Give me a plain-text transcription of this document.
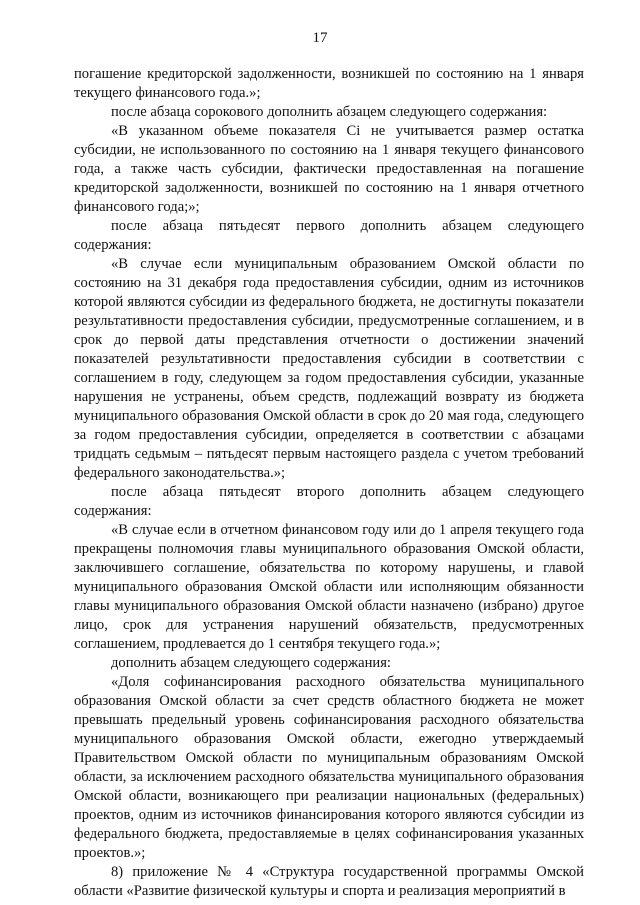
17

погашение кредиторской задолженности, возникшей по состоянию на 1 января текущего финансового года.»;

после абзаца сорокового дополнить абзацем следующего содержания:

«В указанном объеме показателя Ci не учитывается размер остатка субсидии, не использованного по состоянию на 1 января текущего финансового года, а также часть субсидии, фактически предоставленная на погашение кредиторской задолженности, возникшей по состоянию на 1 января отчетного финансового года;»;

после абзаца пятьдесят первого дополнить абзацем следующего содержания:

«В случае если муниципальным образованием Омской области по состоянию на 31 декабря года предоставления субсидии, одним из источников которой являются субсидии из федерального бюджета, не достигнуты показатели результативности предоставления субсидии, предусмотренные соглашением, и в срок до первой даты представления отчетности о достижении значений показателей результативности предоставления субсидии в соответствии с соглашением в году, следующем за годом предоставления субсидии, указанные нарушения не устранены, объем средств, подлежащий возврату из бюджета муниципального образования Омской области в срок до 20 мая года, следующего за годом предоставления субсидии, определяется в соответствии с абзацами тридцать седьмым – пятьдесят первым настоящего раздела с учетом требований федерального законодательства.»;

после абзаца пятьдесят второго дополнить абзацем следующего содержания:

«В случае если в отчетном финансовом году или до 1 апреля текущего года прекращены полномочия главы муниципального образования Омской области, заключившего соглашение, обязательства по которому нарушены, и главой муниципального образования Омской области или исполняющим обязанности главы муниципального образования Омской области назначено (избрано) другое лицо, срок для устранения нарушений обязательств, предусмотренных соглашением, продлевается до 1 сентября текущего года.»;

дополнить абзацем следующего содержания:

«Доля софинансирования расходного обязательства муниципального образования Омской области за счет средств областного бюджета не может превышать предельный уровень софинансирования расходного обязательства муниципального образования Омской области, ежегодно утверждаемый Правительством Омской области по муниципальным образованиям Омской области, за исключением расходного обязательства муниципального образования Омской области, возникающего при реализации национальных (федеральных) проектов, одним из источников финансирования которого являются субсидии из федерального бюджета, предоставляемые в целях софинансирования указанных проектов.»;

8) приложение № 4 «Структура государственной программы Омской области «Развитие физической культуры и спорта и реализация мероприятий в
